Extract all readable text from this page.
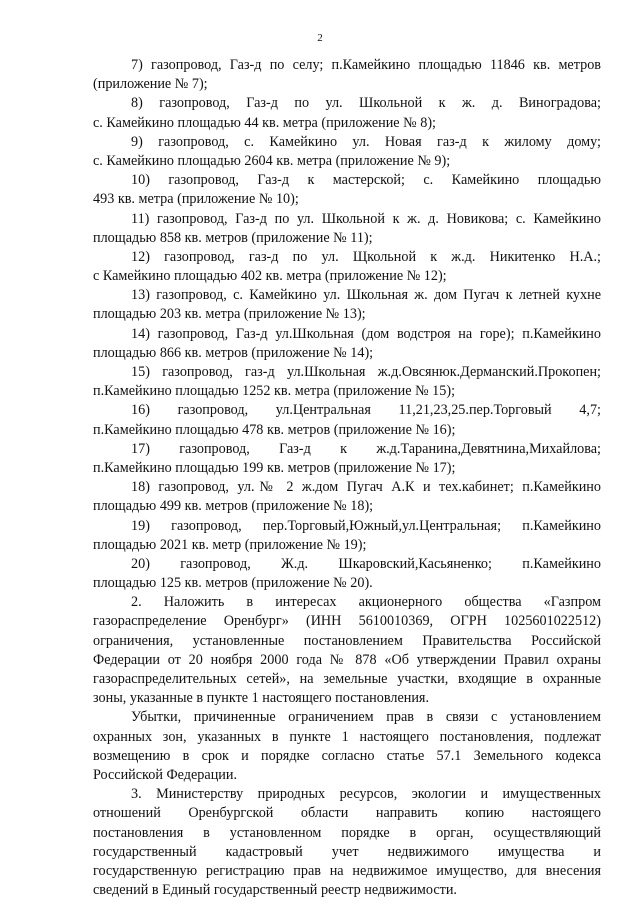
2
7) газопровод, Газ-д по селу; п.Камейкино площадью 11846 кв. метров
(приложение № 7);
8) газопровод, Газ-д по ул. Школьной к ж. д. Виноградова;
с. Камейкино площадью 44 кв. метра (приложение № 8);
9) газопровод, с. Камейкино ул. Новая газ-д к жилому дому;
с. Камейкино площадью 2604 кв. метра (приложение № 9);
10) газопровод, Газ-д к мастерской; с. Камейкино площадью
493 кв. метра (приложение № 10);
11) газопровод, Газ-д по ул. Школьной к ж. д. Новикова; с. Камейкино
площадью 858 кв. метров (приложение № 11);
12) газопровод, газ-д по ул. Щкольной к ж.д. Никитенко Н.А.;
с Камейкино площадью 402 кв. метра (приложение № 12);
13) газопровод, с. Камейкино ул. Школьная ж. дом Пугач к летней кухне
площадью 203 кв. метра (приложение № 13);
14) газопровод, Газ-д ул.Школьная (дом водстроя на горе); п.Камейкино
площадью 866 кв. метров (приложение № 14);
15) газопровод, газ-д ул.Школьная ж.д.Овсянюк.Дерманский.Прокопен;
п.Камейкино площадью 1252 кв. метра (приложение № 15);
16) газопровод, ул.Центральная 11,21,23,25.пер.Торговый 4,7;
п.Камейкино площадью 478 кв. метров (приложение № 16);
17) газопровод, Газ-д к ж.д.Таранина,Девятнина,Михайлова;
п.Камейкино площадью 199 кв. метров (приложение № 17);
18) газопровод, ул.№ 2 ж.дом Пугач А.К и тех.кабинет; п.Камейкино
площадью 499 кв. метров (приложение № 18);
19) газопровод, пер.Торговый,Южный,ул.Центральная; п.Камейкино
площадью 2021 кв. метр (приложение № 19);
20) газопровод, Ж.д. Шкаровский,Касьяненко; п.Камейкино
площадью 125 кв. метров (приложение № 20).
2. Наложить в интересах акционерного общества «Газпром
газораспределение Оренбург» (ИНН 5610010369, ОГРН 1025601022512)
ограничения, установленные постановлением Правительства Российской
Федерации от 20 ноября 2000 года № 878 «Об утверждении Правил охраны
газораспределительных сетей», на земельные участки, входящие в охранные
зоны, указанные в пункте 1 настоящего постановления.
Убытки, причиненные ограничением прав в связи с установлением
охранных зон, указанных в пункте 1 настоящего постановления, подлежат
возмещению в срок и порядке согласно статье 57.1 Земельного кодекса
Российской Федерации.
3. Министерству природных ресурсов, экологии и имущественных
отношений Оренбургской области направить копию настоящего
постановления в установленном порядке в орган, осуществляющий
государственный кадастровый учет недвижимого имущества и
государственную регистрацию прав на недвижимое имущество, для внесения
сведений в Единый государственный реестр недвижимости.
